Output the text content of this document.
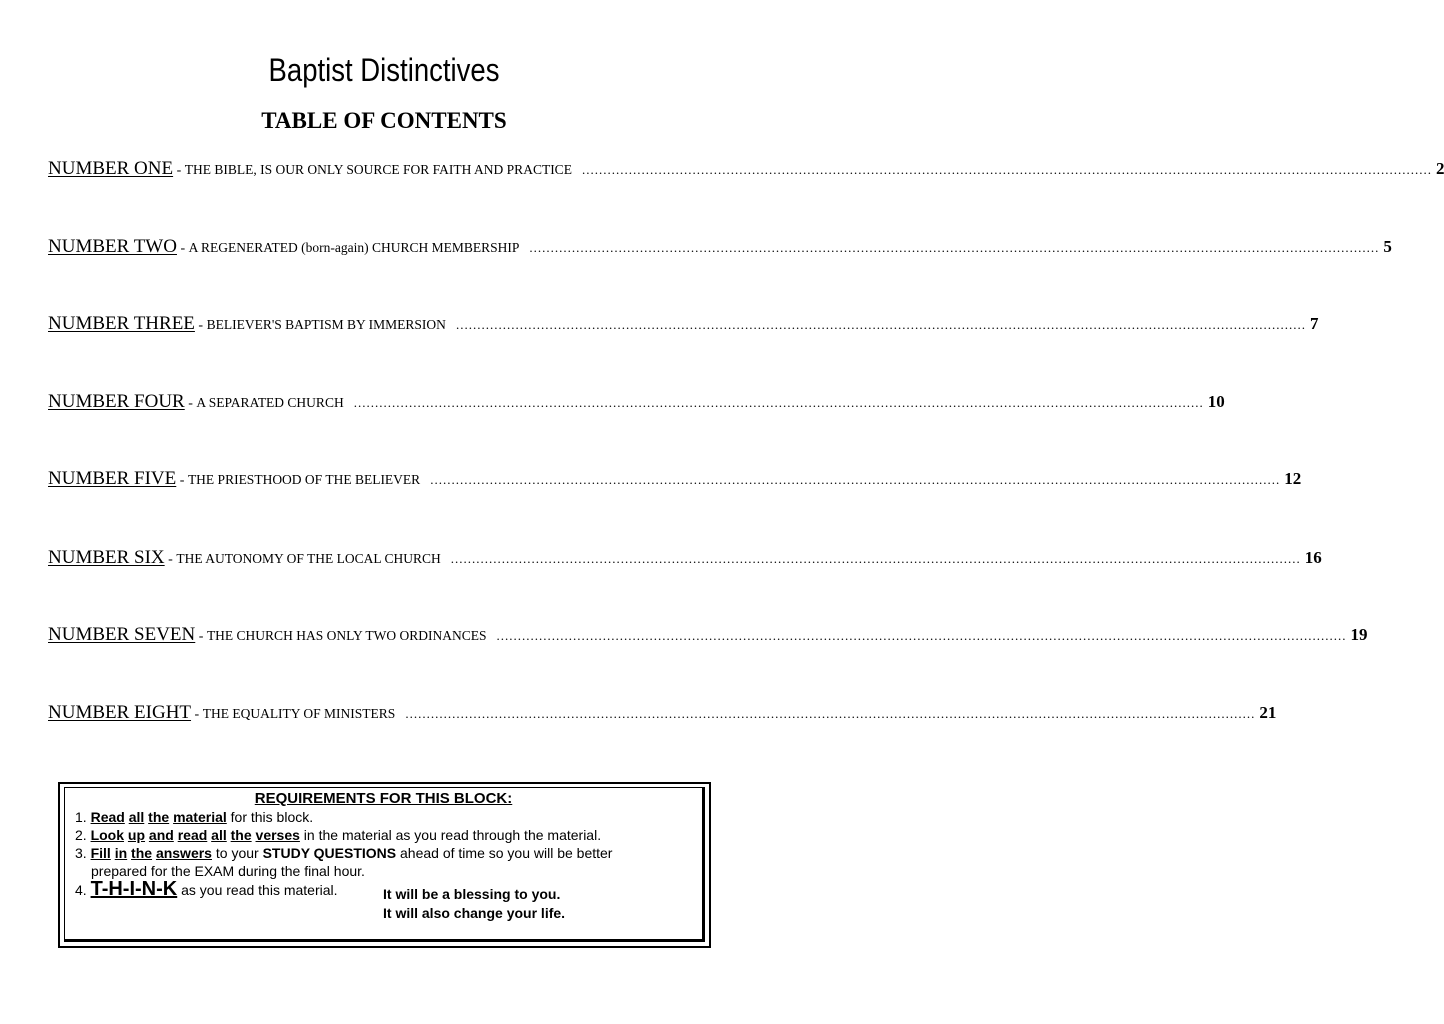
Baptist Distinctives
TABLE OF CONTENTS
NUMBER ONE - THE BIBLE, IS OUR ONLY SOURCE FOR FAITH AND PRACTICE ........................................................................................................................................................................................................ 2
NUMBER TWO - A REGENERATED (born-again) CHURCH MEMBERSHIP ........................................................................................................................................................................................................ 5
NUMBER THREE - BELIEVER'S BAPTISM BY IMMERSION ........................................................................................................................................................................................................ 7
NUMBER FOUR - A SEPARATED CHURCH ........................................................................................................................................................................................................ 10
NUMBER FIVE - THE PRIESTHOOD OF THE BELIEVER ........................................................................................................................................................................................................ 12
NUMBER SIX - THE AUTONOMY OF THE LOCAL CHURCH ........................................................................................................................................................................................................ 16
NUMBER SEVEN - THE CHURCH HAS ONLY TWO ORDINANCES ........................................................................................................................................................................................................ 19
NUMBER EIGHT - THE EQUALITY OF MINISTERS ........................................................................................................................................................................................................ 21
REQUIREMENTS FOR THIS BLOCK:
1. Read all the material for this block.
2. Look up and read all the verses in the material as you read through the material.
3. Fill in the answers to your STUDY QUESTIONS ahead of time so you will be better
prepared for the EXAM during the final hour.
4. T-H-I-N-K as you read this material.	It will be a blessing to you.
It will also change your life.
